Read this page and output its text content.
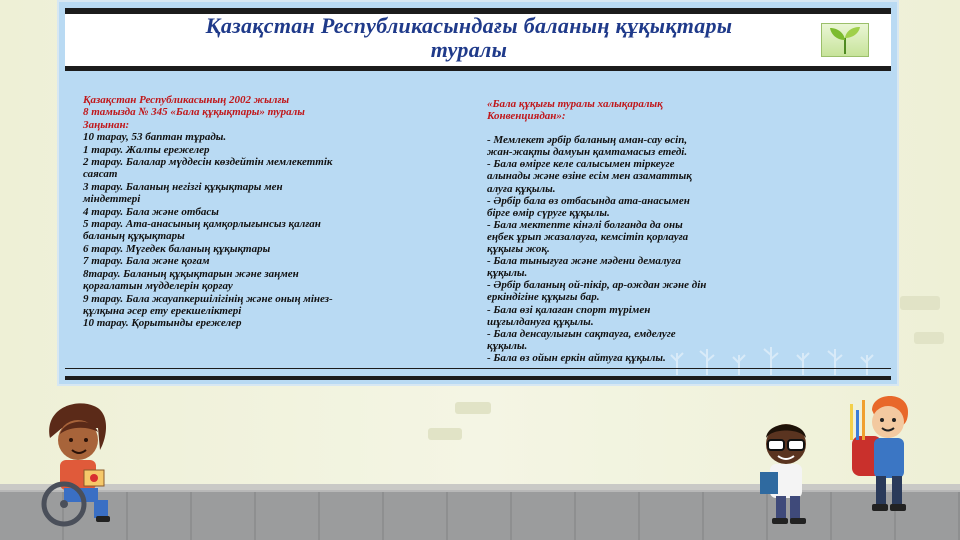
Қазақстан Республикасындағы баланың құқықтары
туралы
Қазақстан Республикасының 2002 жылғы
8 тамызда № 345 «Бала құқықтары» туралы
Заңынан:
10 тарау, 53 баптан тұрады.
1 тарау. Жалпы ережелер
2 тарау. Балалар мүддесін көздейтін мемлекеттік
саясат
3 тарау. Баланың негізгі құқықтары мен
міндеттері
4 тарау. Бала және отбасы
5 тарау. Ата-анасының қамқорлығынсыз қалған
баланың құқықтары
6 тарау. Мүгедек баланың құқықтары
7 тарау. Бала және қоғам
8тарау. Баланың құқықтарын және заңмен
қорғалатын мүдделерін қорғау
9 тарау. Бала жауапкершілігінің және оның мінез-
құлқына әсер ету ерекшеліктері
10 тарау. Қорытынды ережелер
«Бала құқығы туралы халықаралық
Конвенциядан»:
- Мемлекет әрбір баланың аман-сау өсіп,
жан-жақты дамуын қамтамасыз етеді.
- Бала өмірге келе салысымен тіркеуге
алынады және өзіне есім мен азаматтық
алуға құқылы.
- Әрбір бала өз отбасында ата-анасымен
бірге өмір сүруге құқылы.
- Бала мектепте кінәлі болғанда да оны
еңбек ұрып жазалауға, кемсітіп қорлауға
құқығы жоқ.
- Бала тынығуға және мәдени демалуға
құқылы.
- Әрбір баланың ой-пікір, ар-ождан және дін
еркіндігіне құқығы бар.
- Бала өзі қалаған спорт түрімен
шұғылдануға құқылы.
- Бала денсаулығын сақтауға, емделуге
құқылы.
- Бала өз ойын еркін айтуға құқылы.
